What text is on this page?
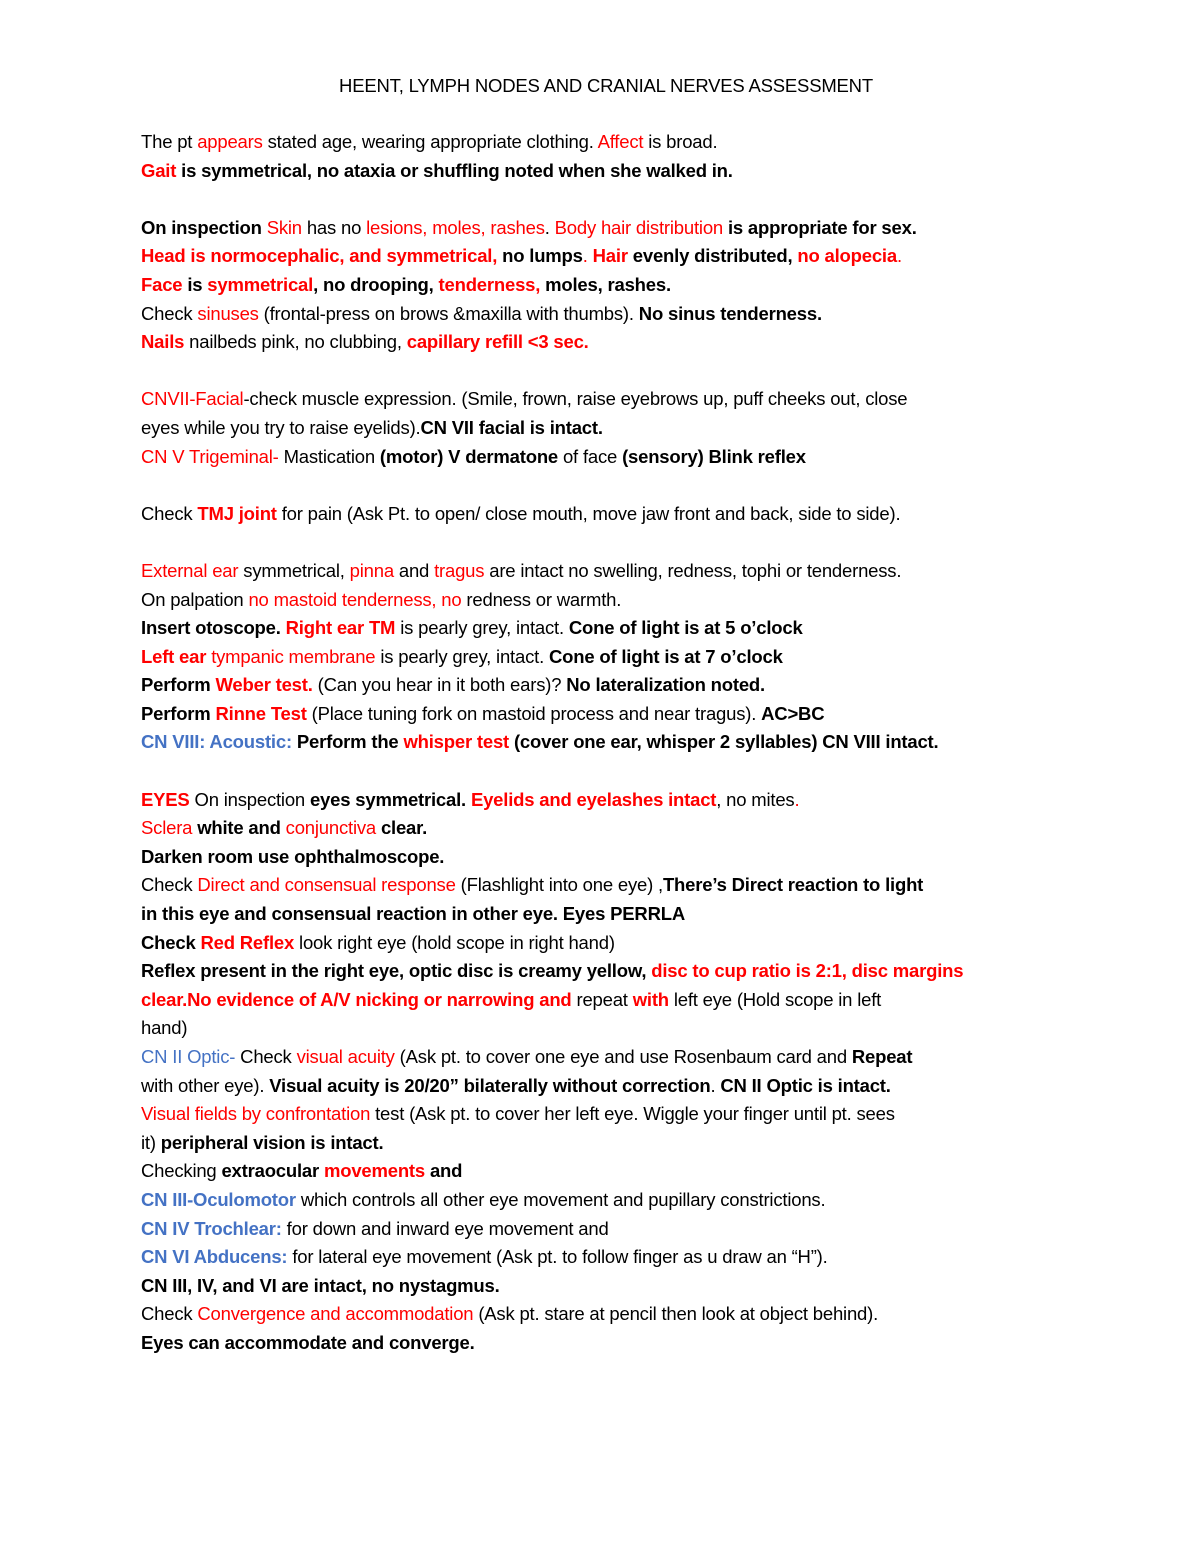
HEENT, LYMPH NODES AND CRANIAL NERVES ASSESSMENT
The pt appears stated age, wearing appropriate clothing. Affect is broad.
Gait is symmetrical, no ataxia or shuffling noted when she walked in.
On inspection Skin has no lesions, moles, rashes. Body hair distribution is appropriate for sex.
Head is normocephalic, and symmetrical, no lumps. Hair evenly distributed, no alopecia.
Face is symmetrical, no drooping, tenderness, moles, rashes.
Check sinuses (frontal-press on brows &maxilla with thumbs). No sinus tenderness.
Nails nailbeds pink, no clubbing, capillary refill <3 sec.
CNVII-Facial-check muscle expression. (Smile, frown, raise eyebrows up, puff cheeks out, close
eyes while you try to raise eyelids).CN VII facial is intact.
CN V Trigeminal- Mastication (motor) V dermatone of face (sensory) Blink reflex
Check TMJ joint for pain (Ask Pt. to open/ close mouth, move jaw front and back, side to side).
External ear symmetrical, pinna and tragus are intact no swelling, redness, tophi or tenderness.
On palpation no mastoid tenderness, no redness or warmth.
Insert otoscope. Right ear TM is pearly grey, intact. Cone of light is at 5 o’clock
Left ear tympanic membrane is pearly grey, intact. Cone of light is at 7 o’clock
Perform Weber test. (Can you hear in it both ears)? No lateralization noted.
Perform Rinne Test (Place tuning fork on mastoid process and near tragus). AC>BC
CN VIII: Acoustic: Perform the whisper test (cover one ear, whisper 2 syllables) CN VIII intact.
EYES On inspection eyes symmetrical. Eyelids and eyelashes intact, no mites.
Sclera white and conjunctiva clear.
Darken room use ophthalmoscope.
Check Direct and consensual response (Flashlight into one eye) ,There’s Direct reaction to light
in this eye and consensual reaction in other eye. Eyes PERRLA
Check Red Reflex look right eye (hold scope in right hand)
Reflex present in the right eye, optic disc is creamy yellow, disc to cup ratio is 2:1, disc margins
clear.No evidence of A/V nicking or narrowing and repeat with left eye (Hold scope in left
hand)
CN II Optic- Check visual acuity (Ask pt. to cover one eye and use Rosenbaum card and Repeat
with other eye). Visual acuity is 20/20” bilaterally without correction. CN II Optic is intact.
Visual fields by confrontation test (Ask pt. to cover her left eye. Wiggle your finger until pt. sees
it) peripheral vision is intact.
Checking extraocular movements and
CN III-Oculomotor which controls all other eye movement and pupillary constrictions.
CN IV Trochlear: for down and inward eye movement and
CN VI Abducens: for lateral eye movement (Ask pt. to follow finger as u draw an “H”).
CN III, IV, and VI are intact, no nystagmus.
Check Convergence and accommodation (Ask pt. stare at pencil then look at object behind).
Eyes can accommodate and converge.
